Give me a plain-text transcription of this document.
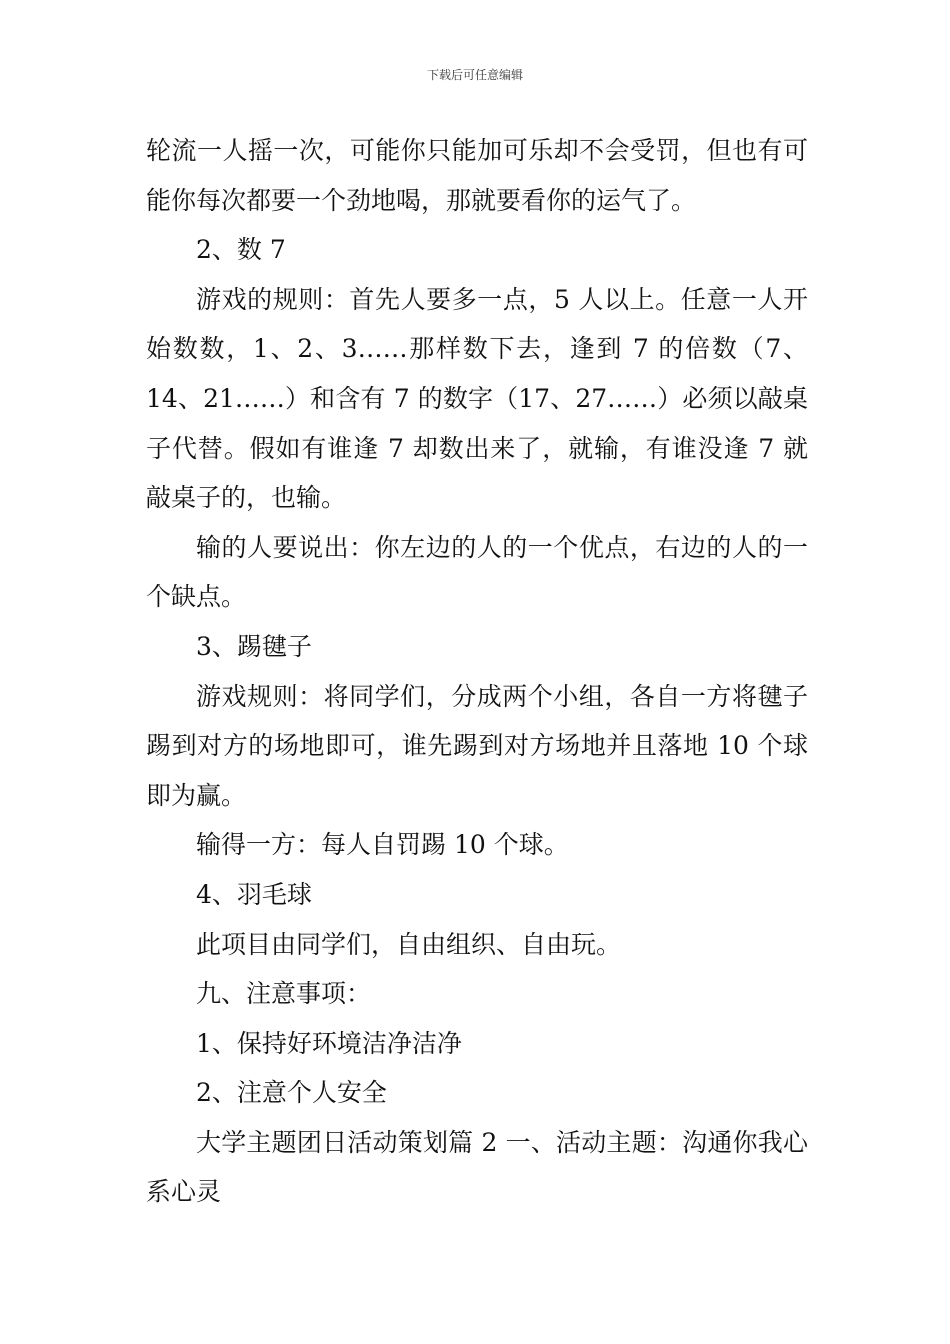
下载后可任意编辑

轮流一人摇一次，可能你只能加可乐却不会受罚，但也有可能你每次都要一个劲地喝，那就要看你的运气了。

2、数 7

游戏的规则：首先人要多一点，5 人以上。任意一人开始数数，1、2、3……那样数下去，逢到 7 的倍数（7、14、21……）和含有 7 的数字（17、27……）必须以敲桌子代替。假如有谁逢 7 却数出来了，就输，有谁没逢 7 就敲桌子的，也输。

输的人要说出：你左边的人的一个优点，右边的人的一个缺点。

3、踢毽子

游戏规则：将同学们，分成两个小组，各自一方将毽子踢到对方的场地即可，谁先踢到对方场地并且落地 10 个球即为赢。

输得一方：每人自罚踢 10 个球。

4、羽毛球

此项目由同学们，自由组织、自由玩。

九、注意事项：

1、保持好环境洁净洁净

2、注意个人安全

大学主题团日活动策划篇 2 一、活动主题：沟通你我心系心灵
